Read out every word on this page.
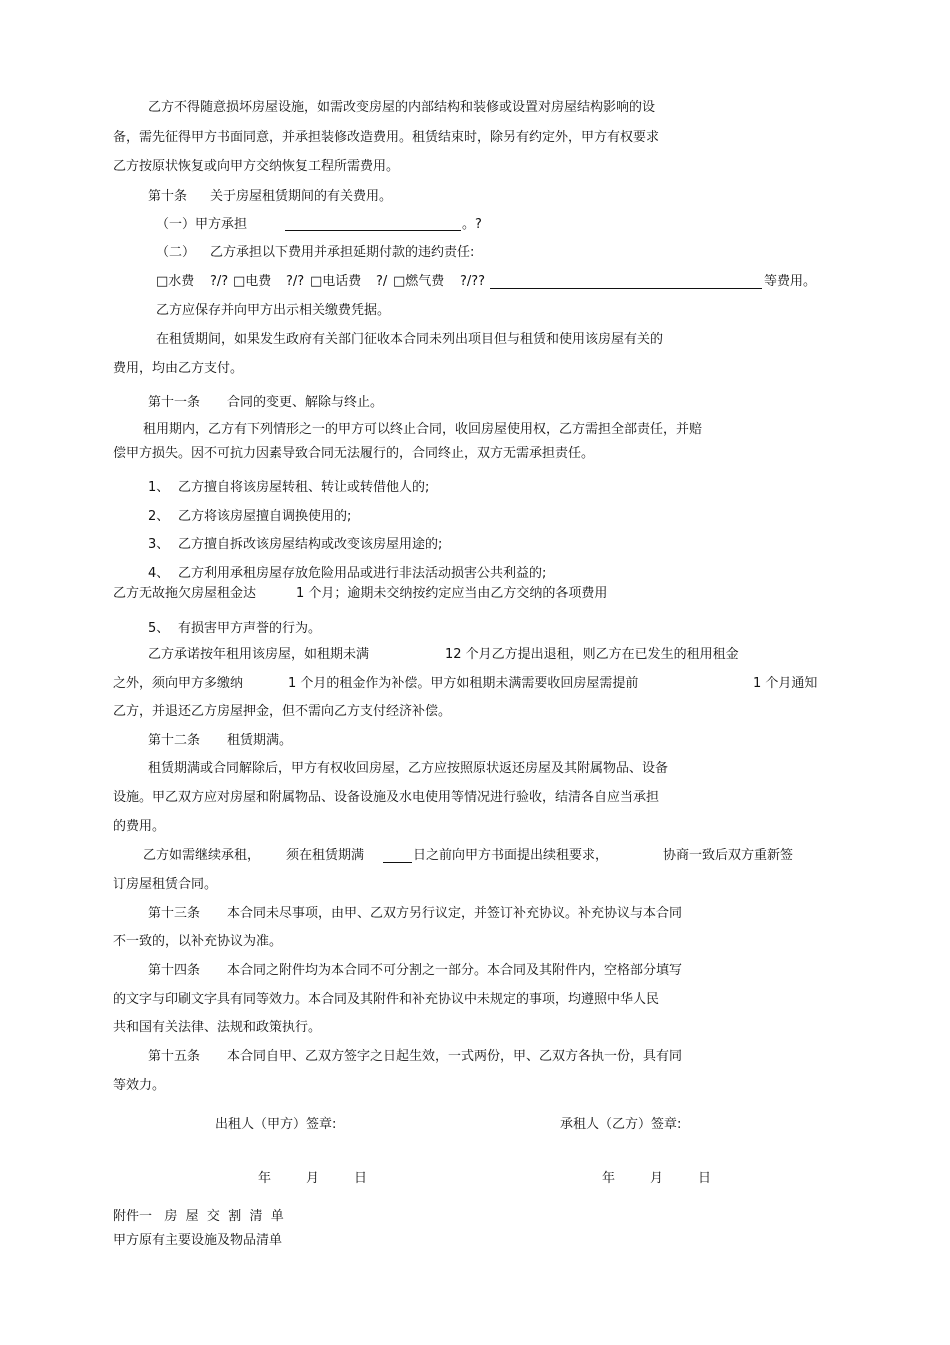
乙方不得随意损坏房屋设施，如需改变房屋的内部结构和装修或设置对房屋结构影响的设
备，需先征得甲方书面同意，并承担装修改造费用。租赁结束时，除另有约定外，甲方有权要求
乙方按原状恢复或向甲方交纳恢复工程所需费用。
第十条 关于房屋租赁期间的有关费用。
（一）甲方承担	。?
（二） 乙方承担以下费用并承担延期付款的违约责任:
□水费 ?/? □电费 ?/? □电话费 ?/ □燃气费 ?/??	等费用。
乙方应保存并向甲方出示相关缴费凭据。
在租赁期间，如果发生政府有关部门征收本合同未列出项目但与租赁和使用该房屋有关的
费用，均由乙方支付。
第十一条 合同的变更、解除与终止。
租用期内，乙方有下列情形之一的甲方可以终止合同，收回房屋使用权，乙方需担全部责任，并赔
偿甲方损失。因不可抗力因素导致合同无法履行的，合同终止，双方无需承担责任。
1、 乙方擅自将该房屋转租、转让或转借他人的;
2、 乙方将该房屋擅自调换使用的;
3、 乙方擅自拆改该房屋结构或改变该房屋用途的;
4、 乙方利用承租房屋存放危险用品或进行非法活动损害公共利益的;
乙方无故拖欠房屋租金达	1 个月；逾期未交纳按约定应当由乙方交纳的各项费用
5、 有损害甲方声誉的行为。
乙方承诺按年租用该房屋，如租期未满	12 个月乙方提出退租，则乙方在已发生的租用租金
之外，须向甲方多缴纳	1 个月的租金作为补偿。甲方如租期未满需要收回房屋需提前	1 个月通知
乙方，并退还乙方房屋押金，但不需向乙方支付经济补偿。
第十二条 租赁期满。
租赁期满或合同解除后，甲方有权收回房屋，乙方应按照原状返还房屋及其附属物品、设备
设施。甲乙双方应对房屋和附属物品、设备设施及水电使用等情况进行验收，结清各自应当承担
的费用。
乙方如需继续承租， 须在租赁期满	日之前向甲方书面提出续租要求，	协商一致后双方重新签
订房屋租赁合同。
第十三条 本合同未尽事项，由甲、乙双方另行议定，并签订补充协议。补充协议与本合同
不一致的，以补充协议为准。
第十四条 本合同之附件均为本合同不可分割之一部分。本合同及其附件内，空格部分填写
的文字与印刷文字具有同等效力。本合同及其附件和补充协议中未规定的事项，均遵照中华人民
共和国有关法律、法规和政策执行。
第十五条 本合同自甲、乙双方签字之日起生效，一式两份，甲、乙双方各执一份，具有同
等效力。
出租人（甲方）签章:	承租人（乙方）签章:
年	月	日	年	月	日
附件一   房  屋  交  割  清  单
甲方原有主要设施及物品清单
